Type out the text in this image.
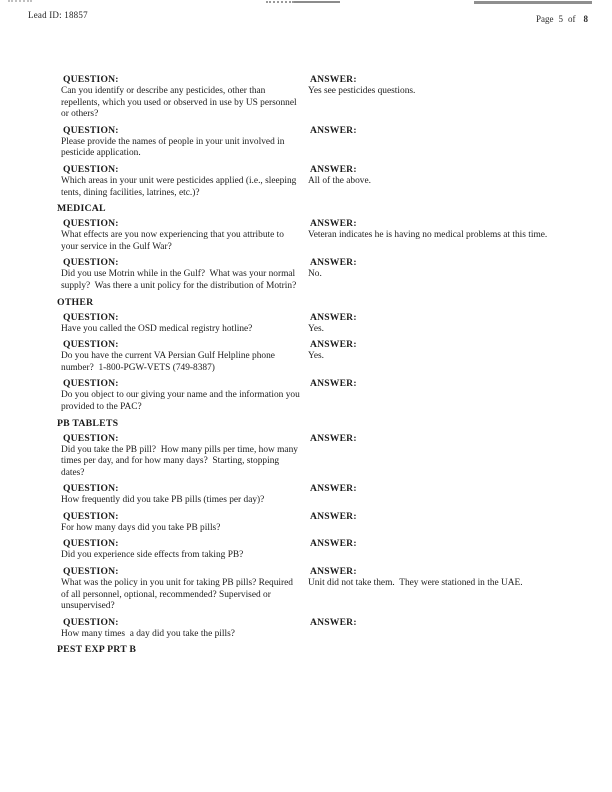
Lead ID: 18857	Page 5 of 8
QUESTION:
Can you identify or describe any pesticides, other than repellents, which you used or observed in use by US personnel or others?
ANSWER:
Yes see pesticides questions.
QUESTION:
Please provide the names of people in your unit involved in pesticide application.
ANSWER:
QUESTION:
Which areas in your unit were pesticides applied (i.e., sleeping tents, dining facilities, latrines, etc.)?
ANSWER:
All of the above.
MEDICAL
QUESTION:
What effects are you now experiencing that you attribute to your service in the Gulf War?
ANSWER:
Veteran indicates he is having no medical problems at this time.
QUESTION:
Did you use Motrin while in the Gulf?  What was your normal supply?  Was there a unit policy for the distribution of Motrin?
ANSWER:
No.
OTHER
QUESTION:
Have you called the OSD medical registry hotline?
ANSWER:
Yes.
QUESTION:
Do you have the current VA Persian Gulf Helpline phone number?  1-800-PGW-VETS (749-8387)
ANSWER:
Yes.
QUESTION:
Do you object to our giving your name and the information you provided to the PAC?
ANSWER:
PB TABLETS
QUESTION:
Did you take the PB pill?  How many pills per time, how many times per day, and for how many days?  Starting, stopping dates?
ANSWER:
QUESTION:
How frequently did you take PB pills (times per day)?
ANSWER:
QUESTION:
For how many days did you take PB pills?
ANSWER:
QUESTION:
Did you experience side effects from taking PB?
ANSWER:
QUESTION:
What was the policy in you unit for taking PB pills? Required of all personnel, optional, recommended? Supervised or unsupervised?
ANSWER:
Unit did not take them.  They were stationed in the UAE.
QUESTION:
How many times  a day did you take the pills?
ANSWER:
PEST EXP PRT B
